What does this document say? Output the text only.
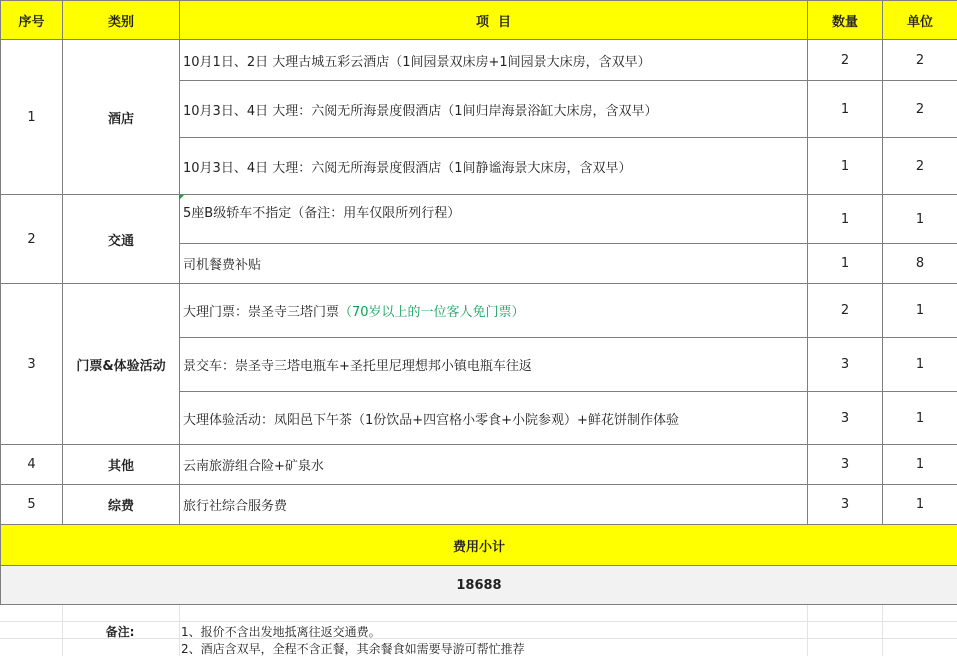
序号	类别	项  目	数量	单位
1	酒店	10月1日、2日 大理古城五彩云酒店（1间园景双床房+1间园景大床房，含双早）	2	2
		10月3日、4日 大理：六阅无所海景度假酒店（1间归岸海景浴缸大床房，含双早）	1	2
		10月3日、4日 大理：六阅无所海景度假酒店（1间静谧海景大床房，含双早）	1	2
2	交通	5座B级轿车不指定（备注：用车仅限所列行程）	1	1
		司机餐费补贴	1	8
3	门票&体验活动	大理门票：崇圣寺三塔门票（70岁以上的一位客人免门票）	2	1
		景交车：崇圣寺三塔电瓶车+圣托里尼理想邦小镇电瓶车往返	3	1
		大理体验活动：凤阳邑下午茶（1份饮品+四宫格小零食+小院参观）+鲜花饼制作体验	3	1
4	其他	云南旅游组合险+矿泉水	3	1
5	综费	旅行社综合服务费	3	1
费用小计				
18688				
备注:	1、报价不含出发地抵离往返交通费。
2、酒店含双早，全程不含正餐，其余餐食如需要导游可帮忙推荐
